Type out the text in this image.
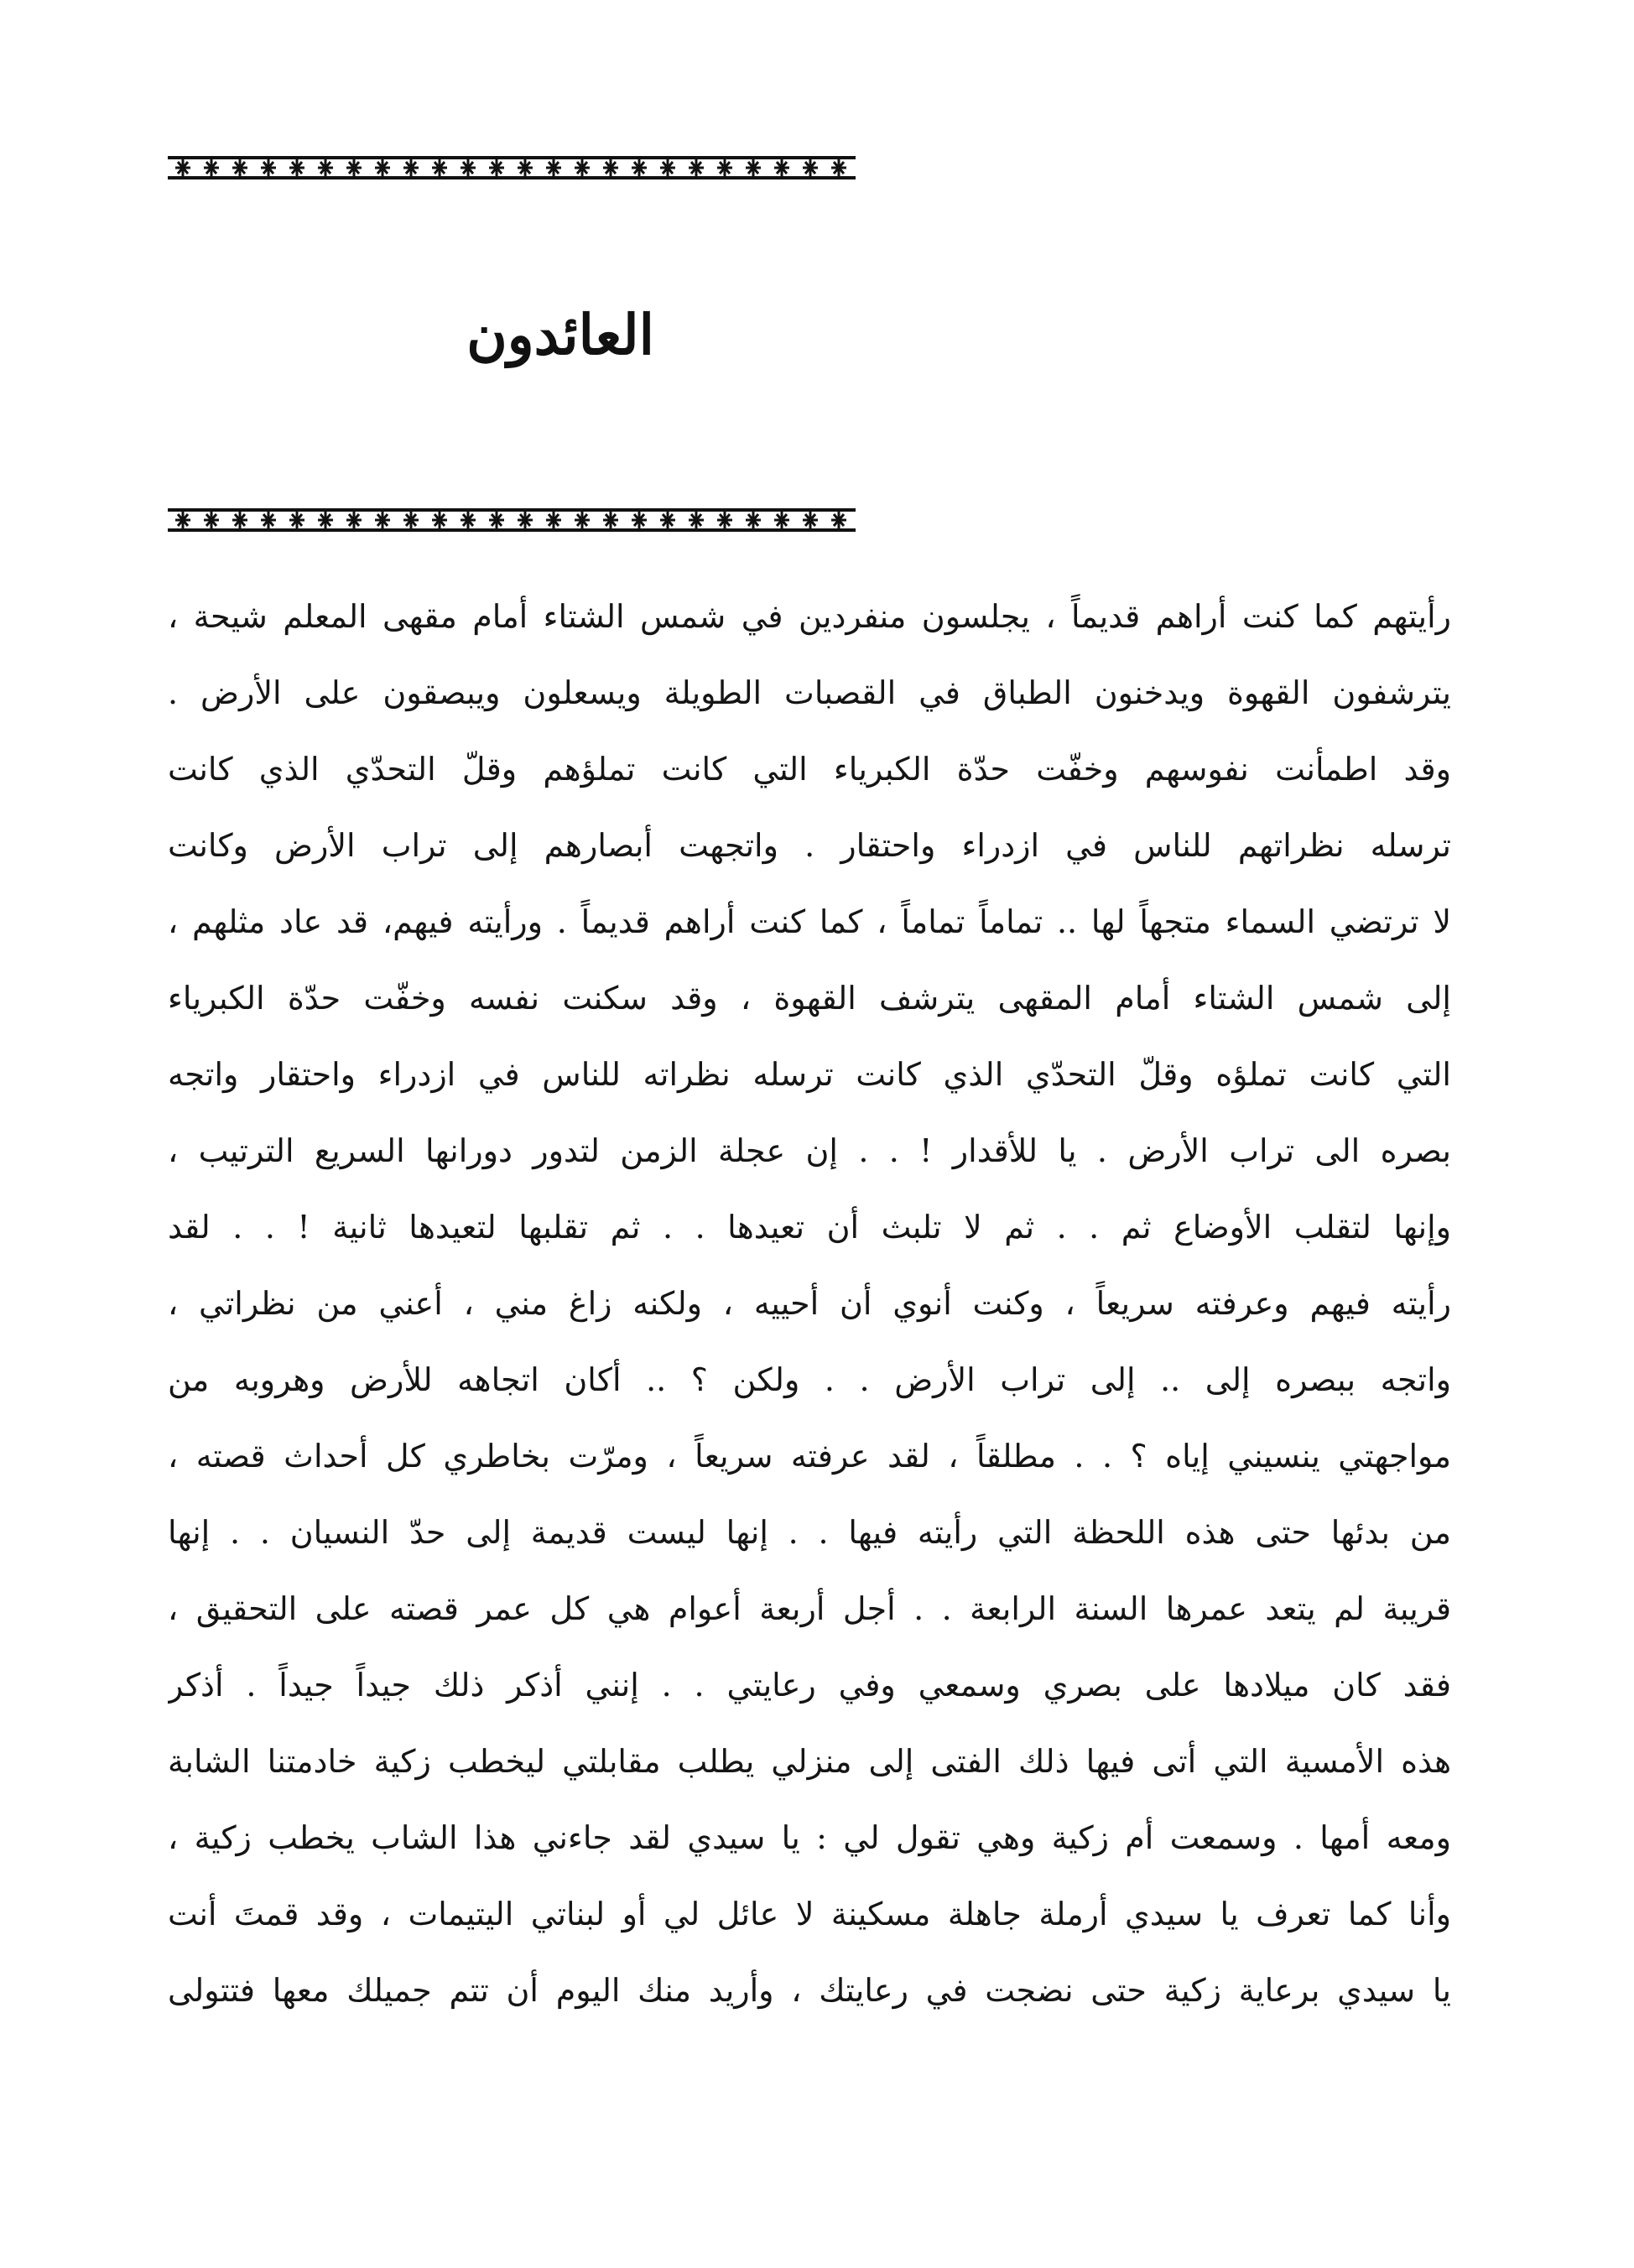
العائدون
رأيتهم كما كنت أراهم قديماً ، يجلسون منفردين في شمس الشتاء أمام مقهى المعلم شيحة ،
يترشفون القهوة ويدخنون الطباق في القصبات الطويلة ويسعلون ويبصقون على الأرض .
وقد اطمأنت نفوسهم وخفّت حدّة الكبرياء التي كانت تملؤهم وقلّ التحدّي الذي كانت
ترسله نظراتهم للناس في ازدراء واحتقار . واتجهت أبصارهم إلى تراب الأرض وكانت
لا ترتضي السماء متجهاً لها .. تماماً تماماً ، كما كنت أراهم قديماً . ورأيته فيهم، قد عاد مثلهم ،
إلى شمس الشتاء أمام المقهى يترشف القهوة ، وقد سكنت نفسه وخفّت حدّة الكبرياء
التي كانت تملؤه وقلّ التحدّي الذي كانت ترسله نظراته للناس في ازدراء واحتقار واتجه
بصره الى تراب الأرض . يا للأقدار ! . . إن عجلة الزمن لتدور دورانها السريع الترتيب ،
وإنها لتقلب الأوضاع ثم . . ثم لا تلبث أن تعيدها . . ثم تقلبها لتعيدها ثانية ! . . لقد
رأيته فيهم وعرفته سريعاً ، وكنت أنوي أن أحييه ، ولكنه زاغ مني ، أعني من نظراتي ،
واتجه ببصره إلى .. إلى تراب الأرض . . ولكن ؟ .. أكان اتجاهه للأرض وهروبه من
مواجهتي ينسيني إياه ؟ . . مطلقاً ، لقد عرفته سريعاً ، ومرّت بخاطري كل أحداث قصته ،
من بدئها حتى هذه اللحظة التي رأيته فيها . . إنها ليست قديمة إلى حدّ النسيان . . إنها
قريبة لم يتعد عمرها السنة الرابعة . . أجل أربعة أعوام هي كل عمر قصته على التحقيق ،
فقد كان ميلادها على بصري وسمعي وفي رعايتي . . إنني أذكر ذلك جيداً جيداً . أذكر
هذه الأمسية التي أتى فيها ذلك الفتى إلى منزلي يطلب مقابلتي ليخطب زكية خادمتنا الشابة
ومعه أمها . وسمعت أم زكية وهي تقول لي : يا سيدي لقد جاءني هذا الشاب يخطب زكية ،
وأنا كما تعرف يا سيدي أرملة جاهلة مسكينة لا عائل لي أو لبناتي اليتيمات ، وقد قمتَ أنت
يا سيدي برعاية زكية حتى نضجت في رعايتك ، وأريد منك اليوم أن تتم جميلك معها فتتولى
